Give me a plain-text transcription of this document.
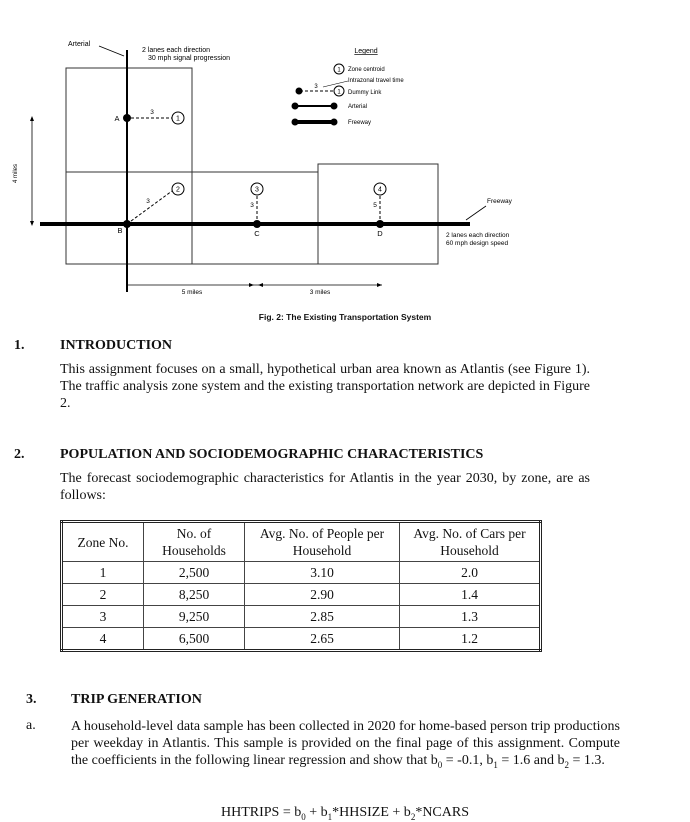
1
2	3	4
3
3
3	5
A
B	C	D
Arterial
2 lanes each direction
30 mph signal progression
Legend
1 Zone centroid
1
3
Intrazonal travel time
Dummy Link
Arterial
Freeway
Freeway
2 lanes each direction
60 mph design speed
4 miles
5 miles	3 miles
Fig. 2: The Existing Transportation System
1.	INTRODUCTION
This assignment focuses on a small, hypothetical urban area known as Atlantis (see Figure 1). The traffic analysis zone system and the existing transportation network are depicted in Figure 2.
2.	POPULATION AND SOCIODEMOGRAPHIC CHARACTERISTICS
The forecast sociodemographic characteristics for Atlantis in the year 2030, by zone, are as follows:
Zone No.	No. of Households	Avg. No. of People per Household	Avg. No. of Cars per Household
1	2,500	3.10	2.0
2	8,250	2.90	1.4
3	9,250	2.85	1.3
4	6,500	2.65	1.2
3. TRIP GENERATION
a.	A household-level data sample has been collected in 2020 for home-based person trip productions per weekday in Atlantis. This sample is provided on the final page of this assignment. Compute the coefficients in the following linear regression and show that $b_0 = -0.1$, $b_1 = 1.6$ and $b_2 = 1.3$.
HHTRIPS = $b_0$ + $b_1*HHSIZE$ + $b_2*NCARS$
